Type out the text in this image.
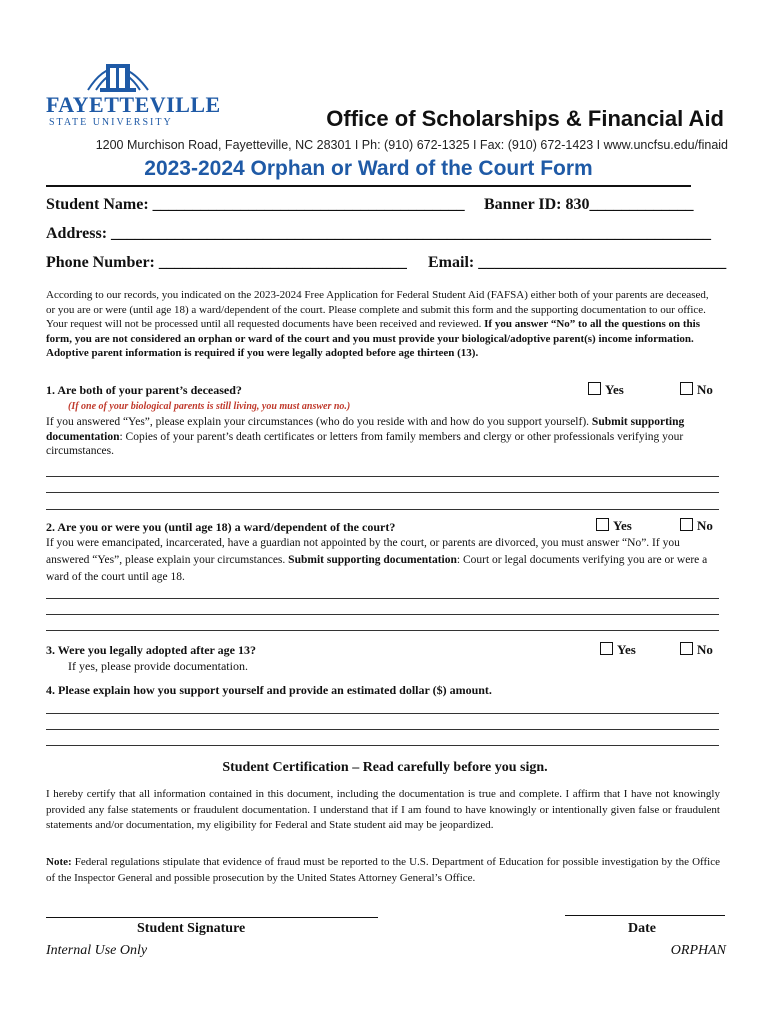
FAYETTEVILLE
STATE UNIVERSITY	Office of Scholarships & Financial Aid
1200 Murchison Road, Fayetteville, NC 28301 I Ph: (910) 672-1325 I Fax: (910) 672-1423 I www.uncfsu.edu/finaid
2023-2024 Orphan or Ward of the Court Form
Student Name: _______________________________________ Banner ID: 830_____________
Address: ___________________________________________________________________________
Phone Number: _______________________________ Email: _______________________________
According to our records, you indicated on the 2023-2024 Free Application for Federal Student Aid (FAFSA) either both of your parents are deceased, or you are or were (until age 18) a ward/dependent of the court. Please complete and submit this form and the supporting documentation to our office. Your request will not be processed until all requested documents have been received and reviewed. If you answer “No” to all the questions on this form, you are not considered an orphan or ward of the court and you must provide your biological/adoptive parent(s) income information. Adoptive parent information is required if you were legally adopted before age thirteen (13).
1. Are both of your parent’s deceased?	Yes	No
(If one of your biological parents is still living, you must answer no.)
If you answered “Yes”, please explain your circumstances (who do you reside with and how do you support yourself). Submit supporting documentation: Copies of your parent’s death certificates or letters from family members and clergy or other professionals verifying your circumstances.
2. Are you or were you (until age 18) a ward/dependent of the court?	Yes	No
If you were emancipated, incarcerated, have a guardian not appointed by the court, or parents are divorced, you must answer “No”. If you answered “Yes”, please explain your circumstances. Submit supporting documentation: Court or legal documents verifying you are or were a ward of the court until age 18.
3. Were you legally adopted after age 13?
If yes, please provide documentation.
Yes	No
4. Please explain how you support yourself and provide an estimated dollar ($) amount.
Student Certification – Read carefully before you sign.
I hereby certify that all information contained in this document, including the documentation is true and complete. I affirm that I have not knowingly provided any false statements or fraudulent documentation. I understand that if I am found to have knowingly or intentionally given false or fraudulent statements and/or documentation, my eligibility for Federal and State student aid may be jeopardized.
Note: Federal regulations stipulate that evidence of fraud must be reported to the U.S. Department of Education for possible investigation by the Office of the Inspector General and possible prosecution by the United States Attorney General’s Office.
Student Signature	Date
Internal Use Only	ORPHAN
